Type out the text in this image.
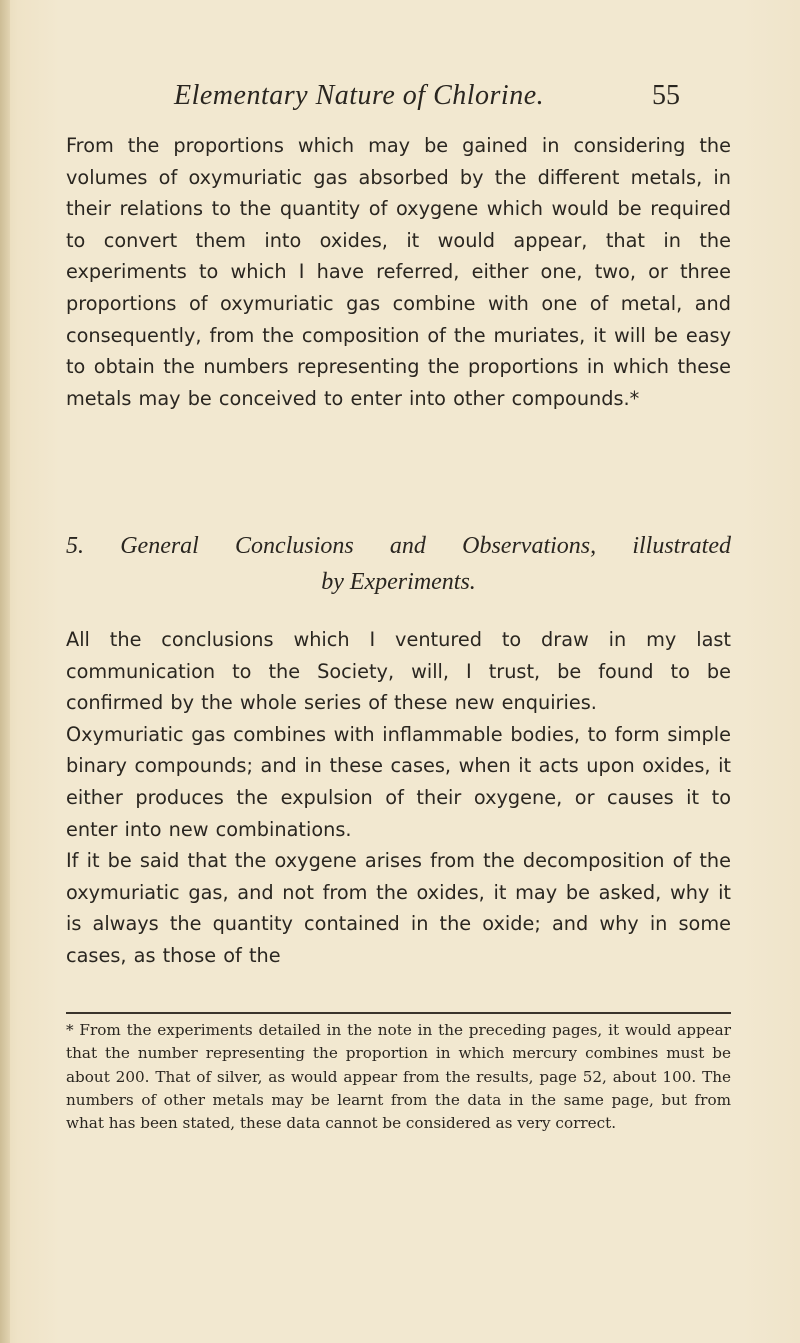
Elementary Nature of Chlorine.	55

From the proportions which may be gained in considering the volumes of oxymuriatic gas absorbed by the different metals, in their relations to the quantity of oxygene which would be required to convert them into oxides, it would appear, that in the experiments to which I have referred, either one, two, or three proportions of oxymuriatic gas combine with one of metal, and consequently, from the composition of the muriates, it will be easy to obtain the numbers representing the proportions in which these metals may be conceived to enter into other compounds.*

5. General Conclusions and Observations, illustrated
by Experiments.

All the conclusions which I ventured to draw in my last communication to the Society, will, I trust, be found to be confirmed by the whole series of these new enquiries.

Oxymuriatic gas combines with inflammable bodies, to form simple binary compounds; and in these cases, when it acts upon oxides, it either produces the expulsion of their oxygene, or causes it to enter into new combinations.

If it be said that the oxygene arises from the decomposition of the oxymuriatic gas, and not from the oxides, it may be asked, why it is always the quantity contained in the oxide; and why in some cases, as those of the

* From the experiments detailed in the note in the preceding pages, it would appear that the number representing the proportion in which mercury combines must be about 200. That of silver, as would appear from the results, page 52, about 100. The numbers of other metals may be learnt from the data in the same page, but from what has been stated, these data cannot be considered as very correct.
